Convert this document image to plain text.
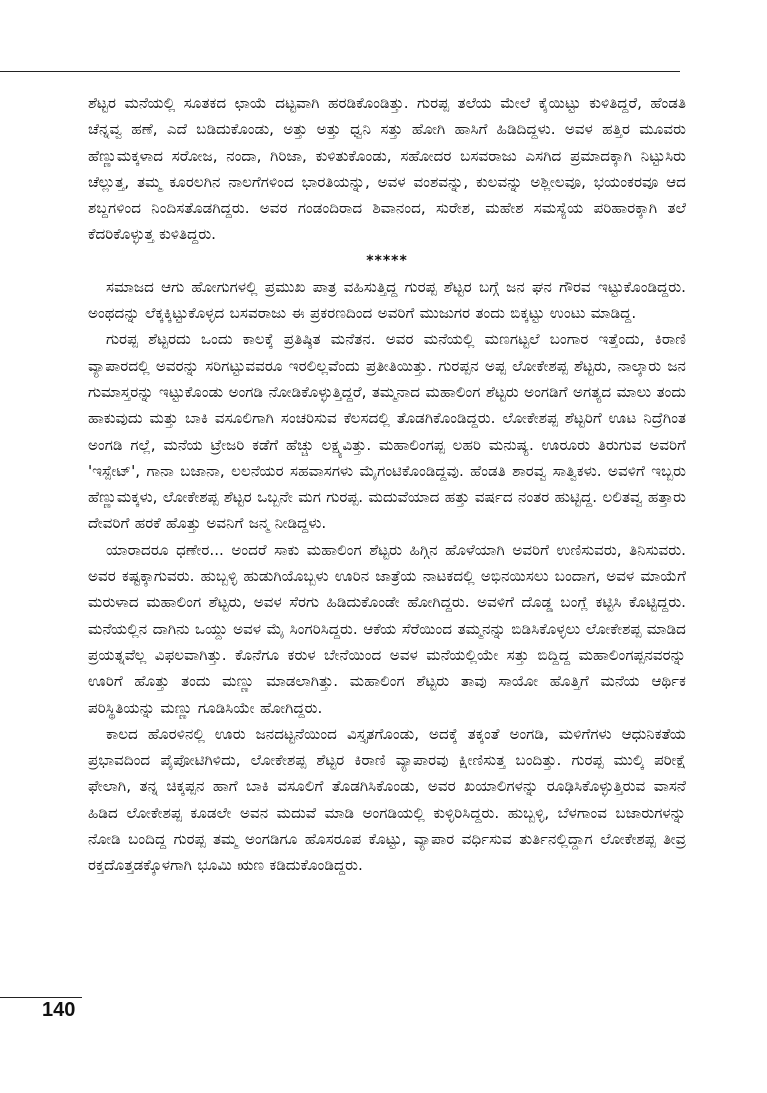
ಶೆಟ್ಟರ ಮನೆಯಲ್ಲಿ ಸೂತಕದ ಛಾಯೆ ದಟ್ಟವಾಗಿ ಹರಡಿಕೊಂಡಿತ್ತು. ಗುರಪ್ಪ ತಲೆಯ ಮೇಲೆ ಕೈಯಿಟ್ಟು ಕುಳಿತಿದ್ದರೆ, ಹೆಂಡತಿ ಚೆನ್ನವ್ವ ಹಣೆ, ಎದೆ ಬಡಿದುಕೊಂಡು, ಅತ್ತು ಅತ್ತು ಧ್ವನಿ ಸತ್ತು ಹೋಗಿ ಹಾಸಿಗೆ ಹಿಡಿದಿದ್ದಳು. ಅವಳ ಹತ್ತಿರ ಮೂವರು ಹೆಣ್ಣುಮಕ್ಕಳಾದ ಸರೋಜ, ನಂದಾ, ಗಿರಿಜಾ, ಕುಳಿತುಕೊಂಡು, ಸಹೋದರ ಬಸವರಾಜು ಎಸಗಿದ ಪ್ರಮಾದಕ್ಕಾಗಿ ನಿಟ್ಟುಸಿರು ಚೆಲ್ಲುತ್ತ, ತಮ್ಮ ಕೂರಲಗಿನ ನಾಲಗೆಗಳಿಂದ ಭಾರತಿಯನ್ನು, ಅವಳ ವಂಶವನ್ನು, ಕುಲವನ್ನು ಅಶ್ಲೀಲವೂ, ಭಯಂಕರವೂ ಆದ ಶಬ್ದಗಳಿಂದ ನಿಂದಿಸತೊಡಗಿದ್ದರು. ಅವರ ಗಂಡಂದಿರಾದ ಶಿವಾನಂದ, ಸುರೇಶ, ಮಹೇಶ ಸಮಸ್ಯೆಯ ಪರಿಹಾರಕ್ಕಾಗಿ ತಲೆ ಕೆದರಿಕೊಳ್ಳುತ್ತ ಕುಳಿತಿದ್ದರು.

*****

ಸಮಾಜದ ಆಗು ಹೋಗುಗಳಲ್ಲಿ ಪ್ರಮುಖ ಪಾತ್ರ ವಹಿಸುತ್ತಿದ್ದ ಗುರಪ್ಪ ಶೆಟ್ಟರ ಬಗ್ಗೆ ಜನ ಘನ ಗೌರವ ಇಟ್ಟುಕೊಂಡಿದ್ದರು. ಅಂಥದನ್ನು ಲೆಕ್ಕಕ್ಕಿಟ್ಟುಕೊಳ್ಳದ ಬಸವರಾಜು ಈ ಪ್ರಕರಣದಿಂದ ಅವರಿಗೆ ಮುಜುಗರ ತಂದು ಬಿಕ್ಕಟ್ಟು ಉಂಟು ಮಾಡಿದ್ದ.

ಗುರಪ್ಪ ಶೆಟ್ಟರದು ಒಂದು ಕಾಲಕ್ಕೆ ಪ್ರತಿಷ್ಠಿತ ಮನೆತನ. ಅವರ ಮನೆಯಲ್ಲಿ ಮಣಗಟ್ಟಲೆ ಬಂಗಾರ ಇತ್ತೆಂದು, ಕಿರಾಣಿ ವ್ಯಾಪಾರದಲ್ಲಿ ಅವರನ್ನು ಸರಿಗಟ್ಟುವವರೂ ಇರಲಿಲ್ಲವೆಂದು ಪ್ರತೀತಿಯಿತ್ತು. ಗುರಪ್ಪನ ಅಪ್ಪ ಲೋಕೇಶಪ್ಪ ಶೆಟ್ಟರು, ನಾಲ್ಕಾರು ಜನ ಗುಮಾಸ್ತರನ್ನು ಇಟ್ಟುಕೊಂಡು ಅಂಗಡಿ ನೋಡಿಕೊಳ್ಳುತ್ತಿದ್ದರೆ, ತಮ್ಮನಾದ ಮಹಾಲಿಂಗ ಶೆಟ್ಟರು ಅಂಗಡಿಗೆ ಅಗತ್ಯದ ಮಾಲು ತಂದು ಹಾಕುವುದು ಮತ್ತು ಬಾಕಿ ವಸೂಲಿಗಾಗಿ ಸಂಚರಿಸುವ ಕೆಲಸದಲ್ಲಿ ತೊಡಗಿಕೊಂಡಿದ್ದರು. ಲೋಕೇಶಪ್ಪ ಶೆಟ್ಟರಿಗೆ ಊಟ ನಿದ್ರೆಗಿಂತ ಅಂಗಡಿ ಗಲ್ಲೆ, ಮನೆಯ ಟ್ರೇಜರಿ ಕಡೆಗೆ ಹೆಚ್ಚು ಲಕ್ಷ್ಯವಿತ್ತು. ಮಹಾಲಿಂಗಪ್ಪ ಲಹರಿ ಮನುಷ್ಯ. ಊರೂರು ತಿರುಗುವ ಅವರಿಗೆ 'ಇಸ್ಪೇಟ್', ಗಾನಾ ಬಜಾನಾ, ಲಲನೆಯರ ಸಹವಾಸಗಳು ಮೈಗಂಟಿಕೊಂಡಿದ್ದವು. ಹೆಂಡತಿ ಶಾರವ್ವ ಸಾತ್ವಿಕಳು. ಅವಳಿಗೆ ಇಬ್ಬರು ಹೆಣ್ಣುಮಕ್ಕಳು, ಲೋಕೇಶಪ್ಪ ಶೆಟ್ಟರ ಒಬ್ಬನೇ ಮಗ ಗುರಪ್ಪ. ಮದುವೆಯಾದ ಹತ್ತು ವರ್ಷದ ನಂತರ ಹುಟ್ಟಿದ್ದ. ಲಲಿತವ್ವ ಹತ್ತಾರು ದೇವರಿಗೆ ಹರಕೆ ಹೊತ್ತು ಅವನಿಗೆ ಜನ್ಮ ನೀಡಿದ್ದಳು.

ಯಾರಾದರೂ ಧಣೇರ... ಅಂದರೆ ಸಾಕು ಮಹಾಲಿಂಗ ಶೆಟ್ಟರು ಹಿಗ್ಗಿನ ಹೊಳೆಯಾಗಿ ಅವರಿಗೆ ಉಣಿಸುವರು, ತಿನಿಸುವರು. ಅವರ ಕಷ್ಟಕ್ಕಾಗುವರು. ಹುಬ್ಬಳ್ಳಿ ಹುಡುಗಿಯೊಬ್ಬಳು ಊರಿನ ಜಾತ್ರೆಯ ನಾಟಕದಲ್ಲಿ ಅಭಿನಯಿಸಲು ಬಂದಾಗ, ಅವಳ ಮಾಯೆಗೆ ಮರುಳಾದ ಮಹಾಲಿಂಗ ಶೆಟ್ಟರು, ಅವಳ ಸೆರಗು ಹಿಡಿದುಕೊಂಡೇ ಹೋಗಿದ್ದರು. ಅವಳಿಗೆ ದೊಡ್ಡ ಬಂಗ್ಲೆ ಕಟ್ಟಿಸಿ ಕೊಟ್ಟಿದ್ದರು. ಮನೆಯಲ್ಲಿನ ದಾಗಿನು ಒಯ್ದು ಅವಳ ಮೈ ಸಿಂಗರಿಸಿದ್ದರು. ಆಕೆಯ ಸೆರೆಯಿಂದ ತಮ್ಮನನ್ನು ಬಿಡಿಸಿಕೊಳ್ಳಲು ಲೋಕೇಶಪ್ಪ ಮಾಡಿದ ಪ್ರಯತ್ನವೆಲ್ಲ ವಿಫಲವಾಗಿತ್ತು. ಕೊನೆಗೂ ಕರುಳ ಬೇನೆಯಿಂದ ಅವಳ ಮನೆಯಲ್ಲಿಯೇ ಸತ್ತು ಬಿದ್ದಿದ್ದ ಮಹಾಲಿಂಗಪ್ಪನವರನ್ನು ಊರಿಗೆ ಹೊತ್ತು ತಂದು ಮಣ್ಣು ಮಾಡಲಾಗಿತ್ತು. ಮಹಾಲಿಂಗ ಶೆಟ್ಟರು ತಾವು ಸಾಯೋ ಹೊತ್ತಿಗೆ ಮನೆಯ ಆರ್ಥಿಕ ಪರಿಸ್ಥಿತಿಯನ್ನು ಮಣ್ಣು ಗೂಡಿಸಿಯೇ ಹೋಗಿದ್ದರು.

ಕಾಲದ ಹೊರಳಿನಲ್ಲಿ ಊರು ಜನದಟ್ಟನೆಯಿಂದ ವಿಸ್ತೃತಗೊಂಡು, ಅದಕ್ಕೆ ತಕ್ಕಂತೆ ಅಂಗಡಿ, ಮಳಿಗೆಗಳು ಆಧುನಿಕತೆಯ ಪ್ರಭಾವದಿಂದ ಪೈಪೋಟಿಗಿಳಿದು, ಲೋಕೇಶಪ್ಪ ಶೆಟ್ಟರ ಕಿರಾಣಿ ವ್ಯಾಪಾರವು ಕ್ಷೀಣಿಸುತ್ತ ಬಂದಿತ್ತು. ಗುರಪ್ಪ ಮುಲ್ಕಿ ಪರೀಕ್ಷೆ ಫೇಲಾಗಿ, ತನ್ನ ಚಿಕ್ಕಪ್ಪನ ಹಾಗೆ ಬಾಕಿ ವಸೂಲಿಗೆ ತೊಡಗಿಸಿಕೊಂಡು, ಅವರ ಖಯಾಲಿಗಳನ್ನು ರೂಢಿಸಿಕೊಳ್ಳುತ್ತಿರುವ ವಾಸನೆ ಹಿಡಿದ ಲೋಕೇಶಪ್ಪ ಕೂಡಲೇ ಅವನ ಮದುವೆ ಮಾಡಿ ಅಂಗಡಿಯಲ್ಲಿ ಕುಳ್ಳಿರಿಸಿದ್ದರು. ಹುಬ್ಬಳ್ಳಿ, ಬೆಳಗಾಂವ ಬಜಾರುಗಳನ್ನು ನೋಡಿ ಬಂದಿದ್ದ ಗುರಪ್ಪ ತಮ್ಮ ಅಂಗಡಿಗೂ ಹೊಸರೂಪ ಕೊಟ್ಟು, ವ್ಯಾಪಾರ ವರ್ಧಿಸುವ ತುರ್ತಿನಲ್ಲಿದ್ದಾಗ ಲೋಕೇಶಪ್ಪ ತೀವ್ರ ರಕ್ತದೊತ್ತಡಕ್ಕೊಳಗಾಗಿ ಭೂಮಿ ಋಣ ಕಡಿದುಕೊಂಡಿದ್ದರು.

140
